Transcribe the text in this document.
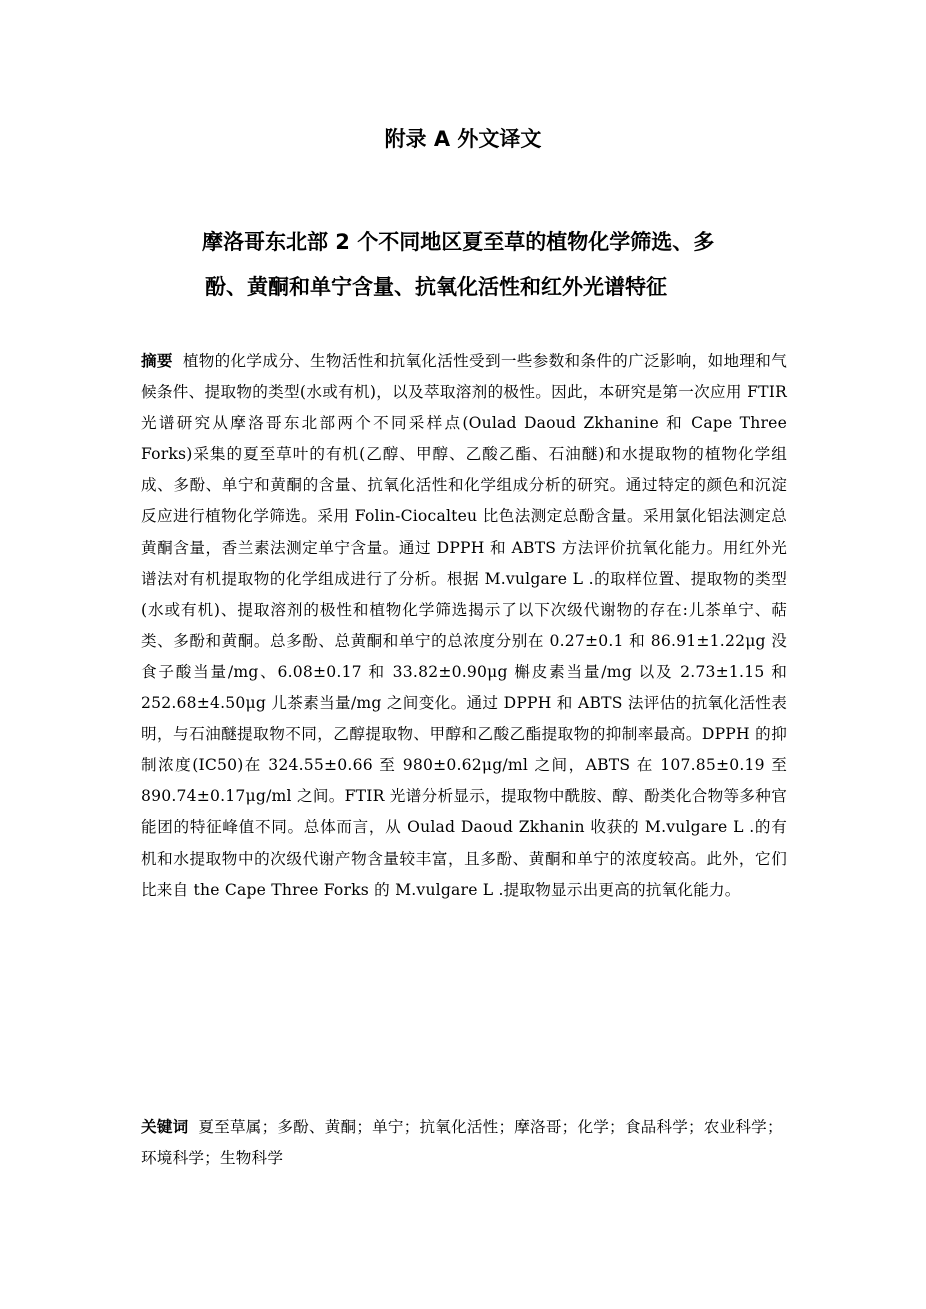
附录 A 外文译文
摩洛哥东北部 2 个不同地区夏至草的植物化学筛选、多
酚、黄酮和单宁含量、抗氧化活性和红外光谱特征
摘要 植物的化学成分、生物活性和抗氧化活性受到一些参数和条件的广泛影响，如地理和气候条件、提取物的类型(水或有机)，以及萃取溶剂的极性。因此，本研究是第一次应用 FTIR 光谱研究从摩洛哥东北部两个不同采样点(Oulad Daoud Zkhanine 和 Cape Three Forks)采集的夏至草叶的有机(乙醇、甲醇、乙酸乙酯、石油醚)和水提取物的植物化学组成、多酚、单宁和黄酮的含量、抗氧化活性和化学组成分析的研究。通过特定的颜色和沉淀反应进行植物化学筛选。采用 Folin-Ciocalteu 比色法测定总酚含量。采用氯化铝法测定总黄酮含量，香兰素法测定单宁含量。通过 DPPH 和 ABTS 方法评价抗氧化能力。用红外光谱法对有机提取物的化学组成进行了分析。根据 M.vulgare L .的取样位置、提取物的类型(水或有机)、提取溶剂的极性和植物化学筛选揭示了以下次级代谢物的存在:儿茶单宁、萜类、多酚和黄酮。总多酚、总黄酮和单宁的总浓度分别在 0.27±0.1 和 86.91±1.22μg 没食子酸当量/mg、6.08±0.17 和 33.82±0.90μg 槲皮素当量/mg 以及 2.73±1.15 和 252.68±4.50μg 儿茶素当量/mg 之间变化。通过 DPPH 和 ABTS 法评估的抗氧化活性表明，与石油醚提取物不同，乙醇提取物、甲醇和乙酸乙酯提取物的抑制率最高。DPPH 的抑制浓度(IC50)在 324.55±0.66 至 980±0.62μg/ml 之间，ABTS 在 107.85±0.19 至 890.74±0.17μg/ml 之间。FTIR 光谱分析显示，提取物中酰胺、醇、酚类化合物等多种官能团的特征峰值不同。总体而言，从 Oulad Daoud Zkhanin 收获的 M.vulgare L .的有机和水提取物中的次级代谢产物含量较丰富，且多酚、黄酮和单宁的浓度较高。此外，它们比来自 the Cape Three Forks 的 M.vulgare L .提取物显示出更高的抗氧化能力。
关键词 夏至草属；多酚、黄酮；单宁；抗氧化活性；摩洛哥；化学；食品科学；农业科学；环境科学；生物科学
